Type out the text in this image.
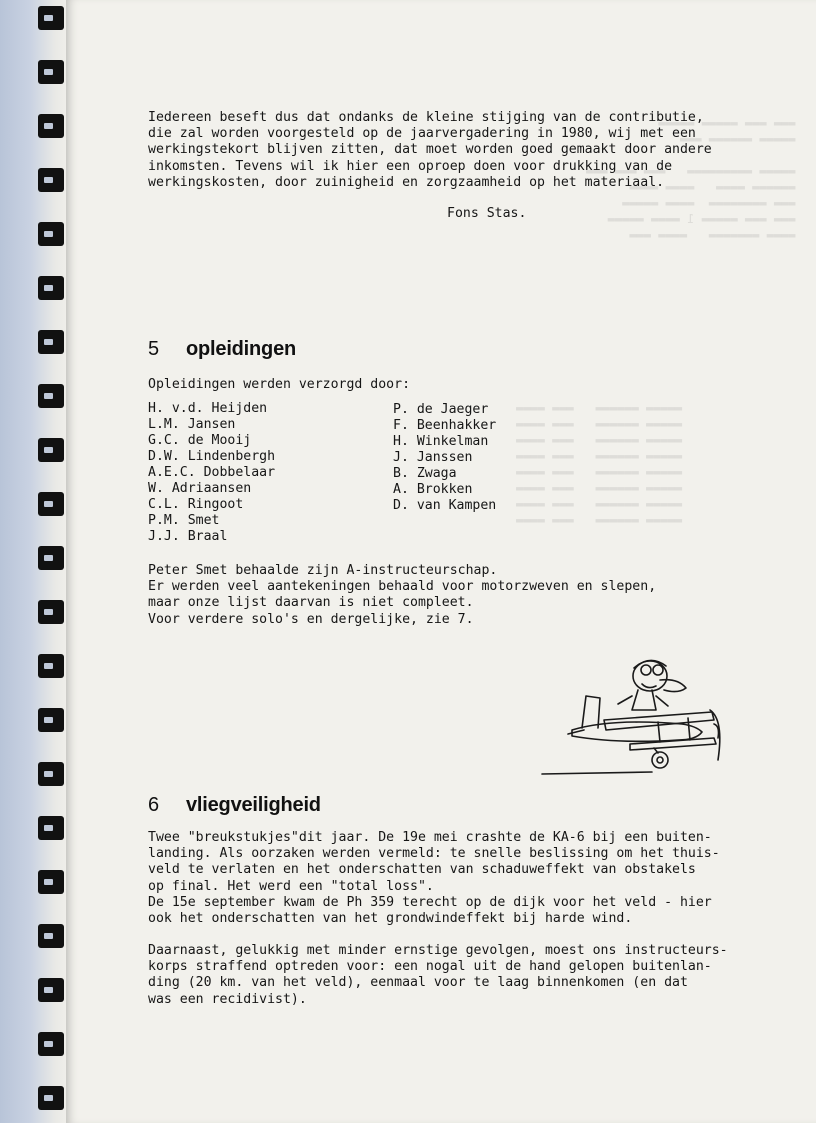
▬▬▬ ▬▬▬ ▬▬▬▬▬ ▬▬▬▬▬
▬▬▬▬▬ ▬▬▬▬▬▬ ▬▬▬

▬▬▬▬▬ ▬▬▬▬▬▬▬▬▬   ▬▬▬ ▬▬▬ ▬▬▬
▬▬▬▬▬▬ ▬▬▬▬   ▬▬▬▬ ▬▬▬▬
▬▬▬ ▬▬▬▬▬▬▬▬  ▬▬▬▬ ▬▬▬▬▬
▬▬▬ ▬▬▬ ▬▬▬▬▬ 1 ▬▬▬▬ ▬▬▬▬▬
▬▬▬▬ ▬▬▬▬▬▬▬   ▬▬▬▬ ▬▬▬
▬▬▬▬▬ ▬▬▬▬▬▬   ▬▬▬ ▬▬▬▬
▬▬▬▬▬ ▬▬▬▬▬▬   ▬▬▬ ▬▬▬▬
▬▬▬▬▬ ▬▬▬▬▬▬   ▬▬▬ ▬▬▬▬
▬▬▬▬▬ ▬▬▬▬▬▬   ▬▬▬ ▬▬▬▬
▬▬▬▬▬ ▬▬▬▬▬▬   ▬▬▬ ▬▬▬▬
▬▬▬▬▬ ▬▬▬▬▬▬   ▬▬▬ ▬▬▬▬
▬▬▬▬▬ ▬▬▬▬▬▬   ▬▬▬ ▬▬▬▬
▬▬▬▬▬ ▬▬▬▬▬▬   ▬▬▬ ▬▬▬▬

Iedereen beseft dus dat ondanks de kleine stijging van de contributie,
die zal worden voorgesteld op de jaarvergadering in 1980, wij met een
werkingstekort blijven zitten, dat moet worden goed gemaakt door andere
inkomsten. Tevens wil ik hier een oproep doen voor drukking van de
werkingskosten, door zuinigheid en zorgzaamheid op het materiaal.

Fons Stas.
5 opleidingen

Opleidingen werden verzorgd door:

H. v.d. Heijden
L.M. Jansen
G.C. de Mooij
D.W. Lindenbergh
A.E.C. Dobbelaar
W. Adriaansen
C.L. Ringoot
P.M. Smet
J.J. Braal
P. de Jaeger
F. Beenhakker
H. Winkelman
J. Janssen
B. Zwaga
A. Brokken
D. van Kampen

Peter Smet behaalde zijn A-instructeurschap.
Er werden veel aantekeningen behaald voor motorzweven en slepen,
maar onze lijst daarvan is niet compleet.
Voor verdere solo's en dergelijke, zie 7.

6 vliegveiligheid

Twee "breukstukjes"dit jaar. De 19e mei crashte de KA-6 bij een buiten-
landing. Als oorzaken werden vermeld: te snelle beslissing om het thuis-
veld te verlaten en het onderschatten van schaduweffekt van obstakels
op final. Het werd een "total loss".
De 15e september kwam de Ph 359 terecht op de dijk voor het veld - hier
ook het onderschatten van het grondwindeffekt bij harde wind.

Daarnaast, gelukkig met minder ernstige gevolgen, moest ons instructeurs-
korps straffend optreden voor: een nogal uit de hand gelopen buitenlan-
ding (20 km. van het veld), eenmaal voor te laag binnenkomen (en dat
was een recidivist).
